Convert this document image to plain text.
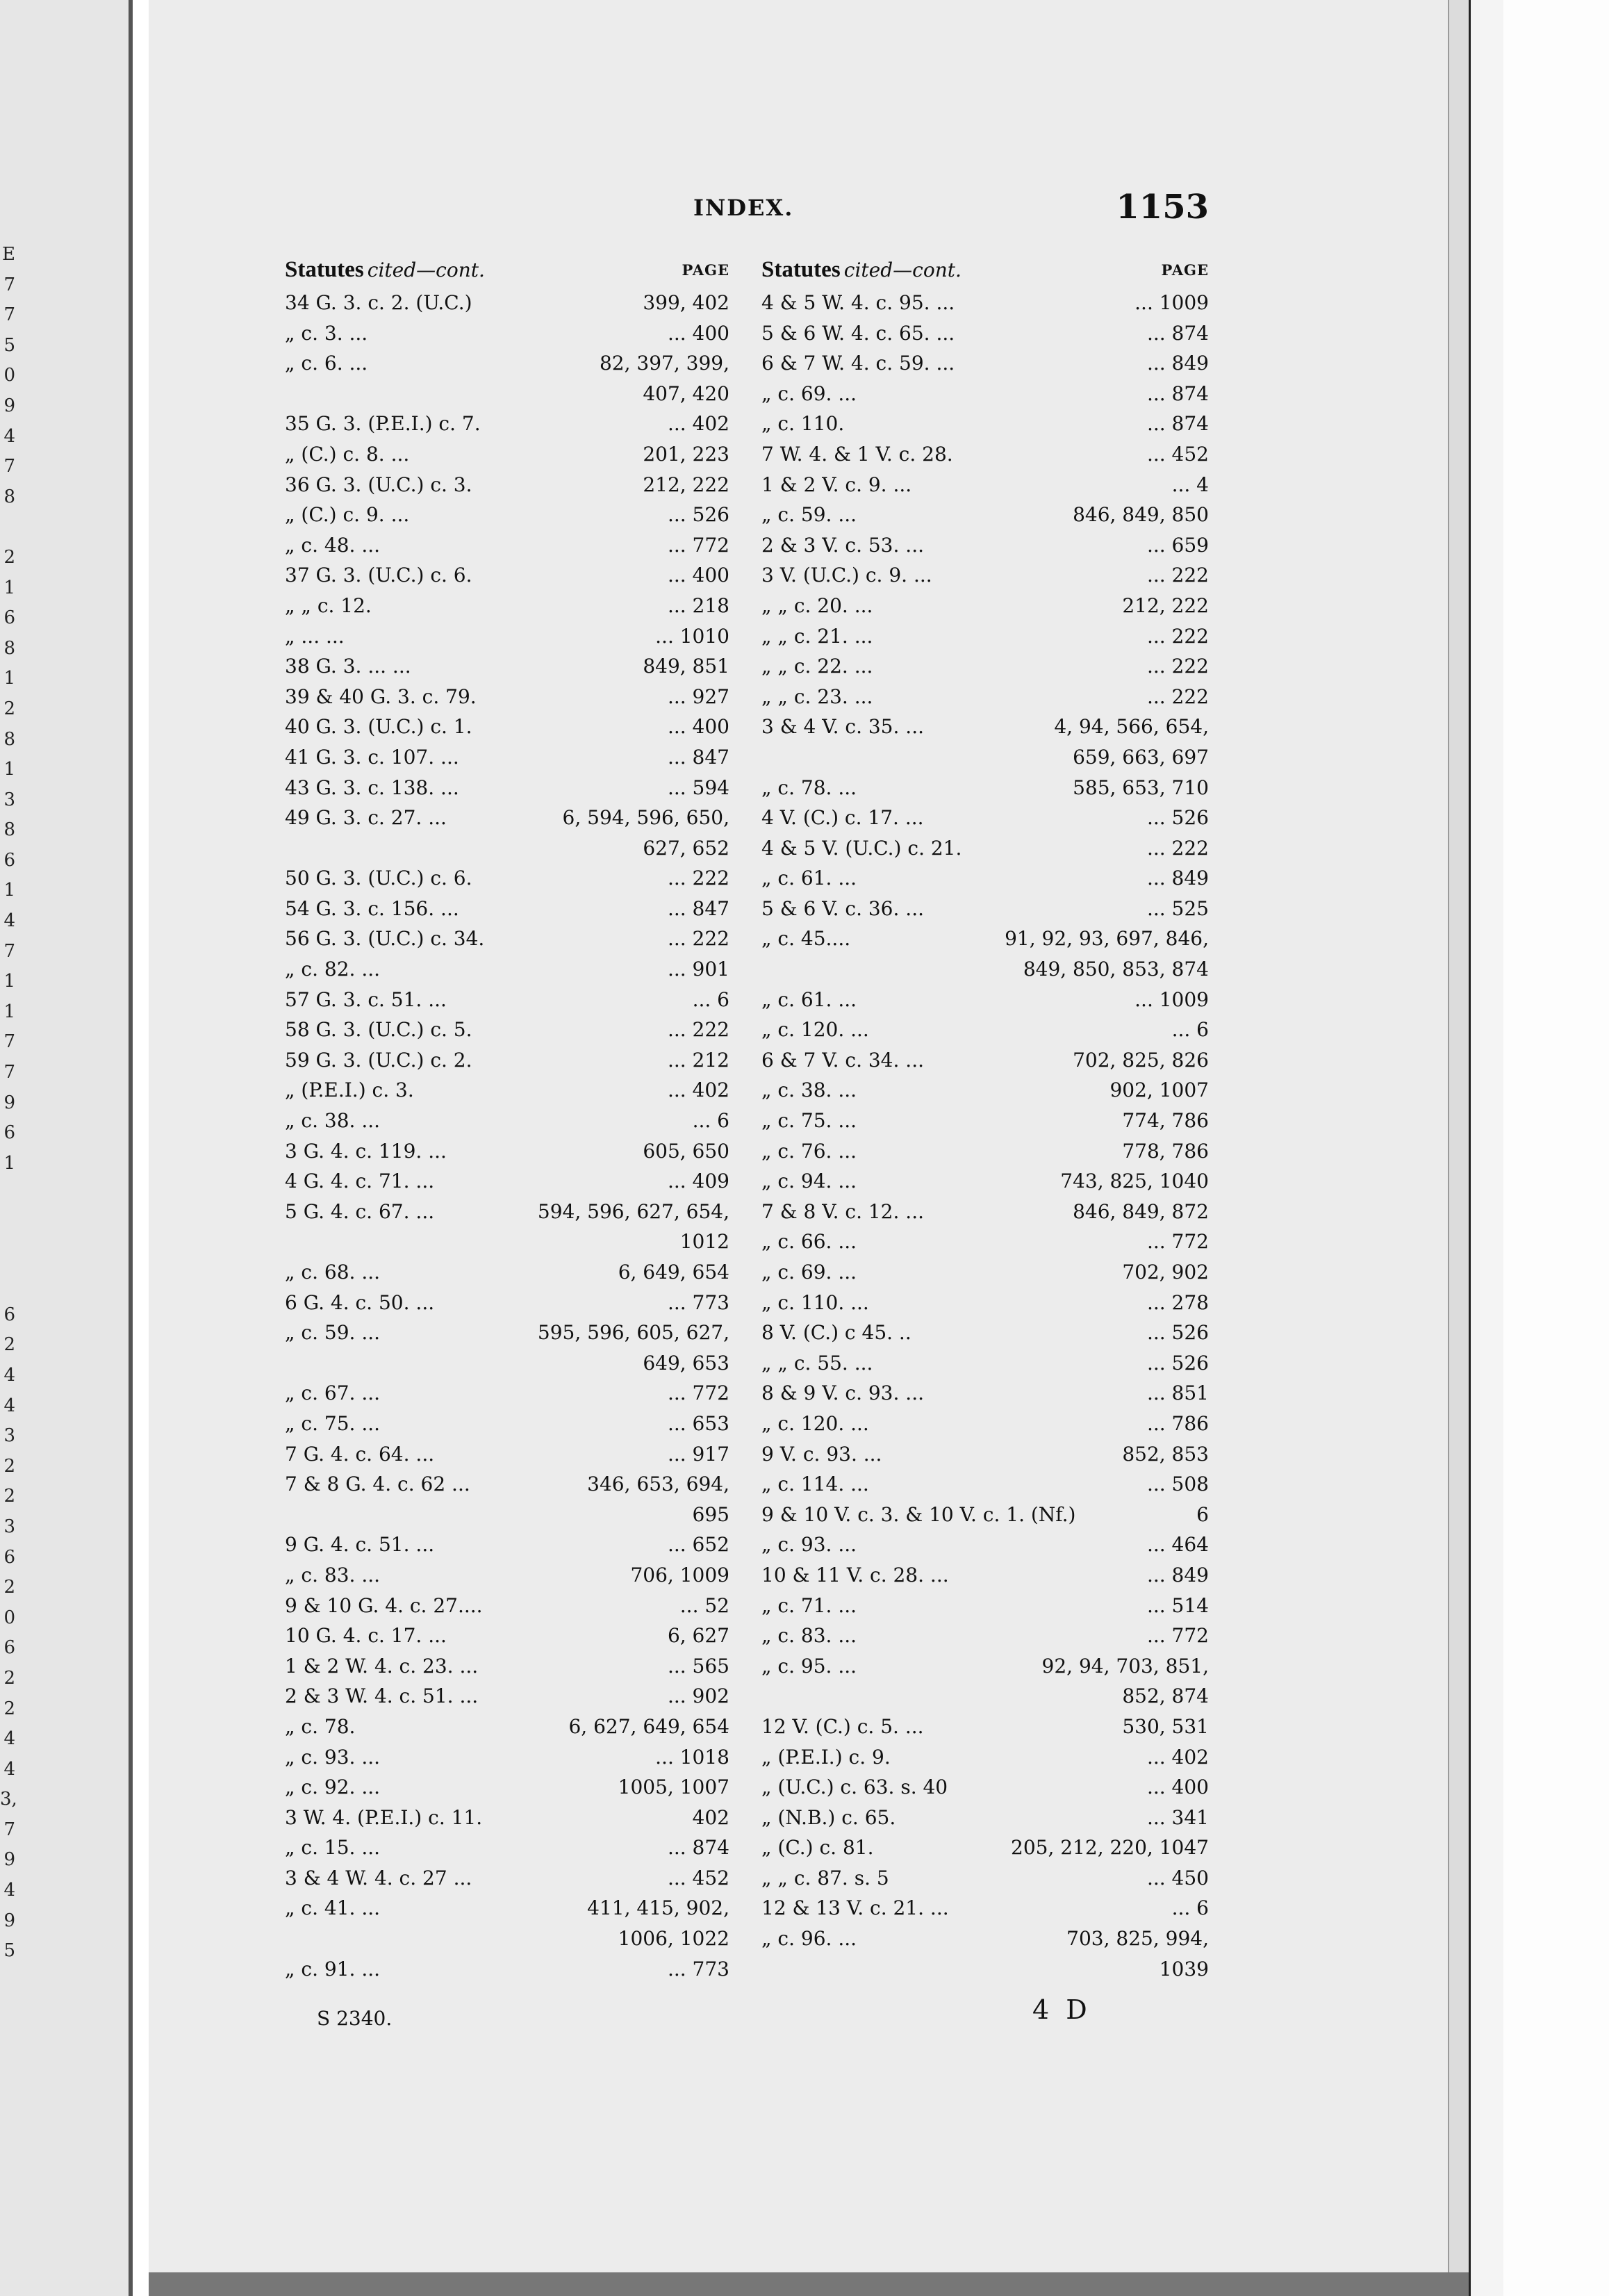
E
7
7
5
0
9
4
7
8
2
1
6
8
1
2
8
1
3
8
6
1
4
7
1
1
7
7
9
6
1
6
2
4
4
3
2
2
3
6
2
0
6
2
2
4
4
3,
7
9
4
9
5
INDEX.	1153
Statutes cited—cont.	PAGE
34 G. 3. c. 2. (U.C.)	399, 402
„ c. 3. ...	... 400
„ c. 6. ...	82, 397, 399,
407, 420
35 G. 3. (P.E.I.) c. 7.	... 402
„ (C.) c. 8. ...	201, 223
36 G. 3. (U.C.) c. 3.	212, 222
„ (C.) c. 9. ...	... 526
„ c. 48. ...	... 772
37 G. 3. (U.C.) c. 6.	... 400
„ „ c. 12.	... 218
„ ... ...	... 1010
38 G. 3. ... ...	849, 851
39 & 40 G. 3. c. 79.	... 927
40 G. 3. (U.C.) c. 1.	... 400
41 G. 3. c. 107. ...	... 847
43 G. 3. c. 138. ...	... 594
49 G. 3. c. 27. ...	6, 594, 596, 650,
627, 652
50 G. 3. (U.C.) c. 6.	... 222
54 G. 3. c. 156. ...	... 847
56 G. 3. (U.C.) c. 34.	... 222
„ c. 82. ...	... 901
57 G. 3. c. 51. ...	... 6
58 G. 3. (U.C.) c. 5.	... 222
59 G. 3. (U.C.) c. 2.	... 212
„ (P.E.I.) c. 3.	... 402
„ c. 38. ...	... 6
3 G. 4. c. 119. ...	605, 650
4 G. 4. c. 71. ...	... 409
5 G. 4. c. 67. ...	594, 596, 627, 654,
1012
„ c. 68. ...	6, 649, 654
6 G. 4. c. 50. ...	... 773
„ c. 59. ...	595, 596, 605, 627,
649, 653
„ c. 67. ...	... 772
„ c. 75. ...	... 653
7 G. 4. c. 64. ...	... 917
7 & 8 G. 4. c. 62 ...	346, 653, 694,
695
9 G. 4. c. 51. ...	... 652
„ c. 83. ...	706, 1009
9 & 10 G. 4. c. 27....	... 52
10 G. 4. c. 17. ...	6, 627
1 & 2 W. 4. c. 23. ...	... 565
2 & 3 W. 4. c. 51. ...	... 902
„ c. 78.	6, 627, 649, 654
„ c. 93. ...	... 1018
„ c. 92. ...	1005, 1007
3 W. 4. (P.E.I.) c. 11.	402
„ c. 15. ...	... 874
3 & 4 W. 4. c. 27 ...	... 452
„ c. 41. ...	411, 415, 902,
1006, 1022
„ c. 91. ...	... 773
Statutes cited—cont.	PAGE
4 & 5 W. 4. c. 95. ...	... 1009
5 & 6 W. 4. c. 65. ...	... 874
6 & 7 W. 4. c. 59. ...	... 849
„ c. 69. ...	... 874
„ c. 110.	... 874
7 W. 4. & 1 V. c. 28.	... 452
1 & 2 V. c. 9. ...	... 4
„ c. 59. ...	846, 849, 850
2 & 3 V. c. 53. ...	... 659
3 V. (U.C.) c. 9. ...	... 222
„ „ c. 20. ...	212, 222
„ „ c. 21. ...	... 222
„ „ c. 22. ...	... 222
„ „ c. 23. ...	... 222
3 & 4 V. c. 35. ...	4, 94, 566, 654,
659, 663, 697
„ c. 78. ...	585, 653, 710
4 V. (C.) c. 17. ...	... 526
4 & 5 V. (U.C.) c. 21.	... 222
„ c. 61. ...	... 849
5 & 6 V. c. 36. ...	... 525
„ c. 45....	91, 92, 93, 697, 846,
849, 850, 853, 874
„ c. 61. ...	... 1009
„ c. 120. ...	... 6
6 & 7 V. c. 34. ...	702, 825, 826
„ c. 38. ...	902, 1007
„ c. 75. ...	774, 786
„ c. 76. ...	778, 786
„ c. 94. ...	743, 825, 1040
7 & 8 V. c. 12. ...	846, 849, 872
„ c. 66. ...	... 772
„ c. 69. ...	702, 902
„ c. 110. ...	... 278
8 V. (C.) c 45. ..	... 526
„ „ c. 55. ...	... 526
8 & 9 V. c. 93. ...	... 851
„ c. 120. ...	... 786
9 V. c. 93. ...	852, 853
„ c. 114. ...	... 508
9 & 10 V. c. 3. & 10 V. c. 1. (Nf.)	6
„ c. 93. ...	... 464
10 & 11 V. c. 28. ...	... 849
„ c. 71. ...	... 514
„ c. 83. ...	... 772
„ c. 95. ...	92, 94, 703, 851,
852, 874
12 V. (C.) c. 5. ...	530, 531
„ (P.E.I.) c. 9.	... 402
„ (U.C.) c. 63. s. 40	... 400
„ (N.B.) c. 65.	... 341
„ (C.) c. 81.	205, 212, 220, 1047
„ „ c. 87. s. 5	... 450
12 & 13 V. c. 21. ...	... 6
„ c. 96. ...	703, 825, 994,
1039
S 2340.	4 D
